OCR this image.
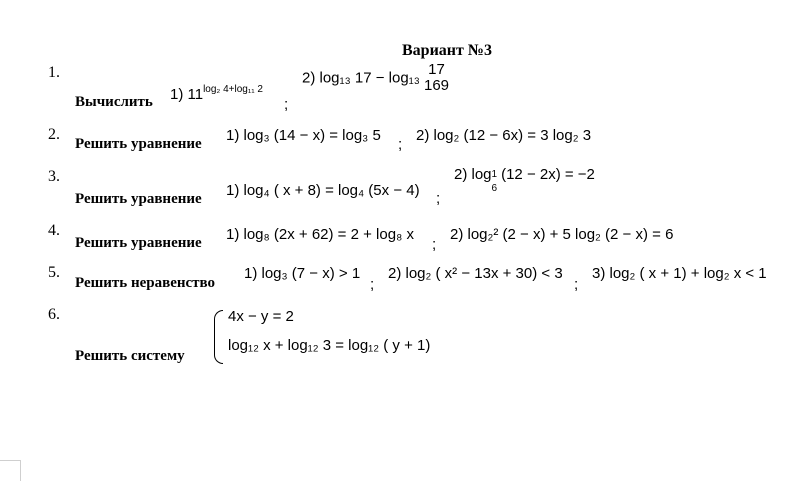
Вариант №3
1.
Вычислить 1) $11^{log_2 4+log_{11} 2}$
;
2) log₁₃ 17 − log₁₃ 17
169
2.
Решить уравнение 1) log₃ (14 − x) = log₃ 5
;
2) log₂ (12 − 6x) = 3 log₂ 3
3.
Решить уравнение 1) log₄ ( x + 8) = log₄ (5x − 4) ;
2) log 1
6
(12 − 2x) = −2
4.
Решить уравнение 1) log₈ (2x + 62) = 2 + log₈ x
;
2) log₂² (2 − x) + 5 log₂ (2 − x) = 6
5.
Решить неравенство
1) log₃ (7 − x) > 1
;
2) log₂ ( x² − 13x + 30) < 3
;
3) log₂ ( x + 1) + log₂ x < 1
6.
Решить систему
4x − y = 2
log₁₂ x + log₁₂ 3 = log₁₂ ( y + 1)
